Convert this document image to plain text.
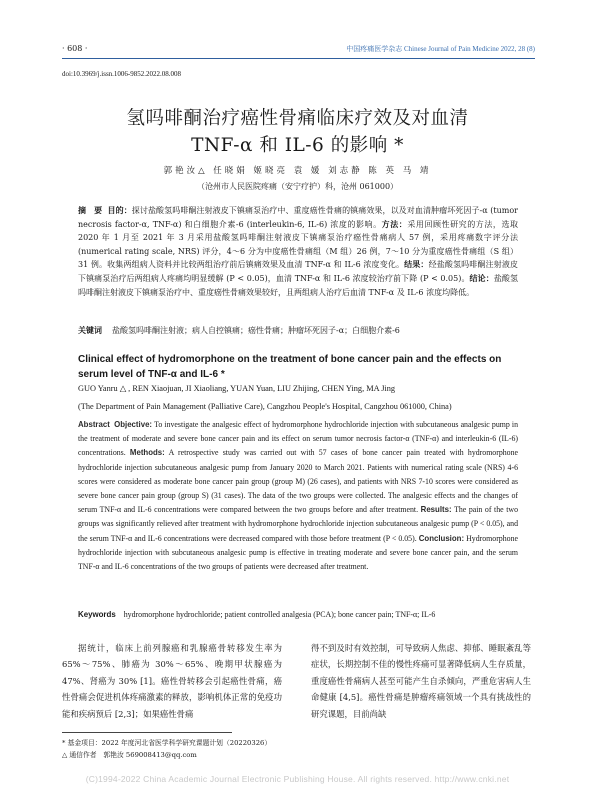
· 608 ·	中国疼痛医学杂志 Chinese Journal of Pain Medicine 2022, 28 (8)
doi:10.3969/j.issn.1006-9852.2022.08.008
氢吗啡酮治疗癌性骨痛临床疗效及对血清
TNF-α 和 IL-6 的影响 *
郭艳汝△ 任晓娟 姬晓亮 袁 媛 刘志静 陈 英 马 靖
（沧州市人民医院疼痛（安宁疗护）科，沧州 061000）
摘　要 目的：探讨盐酸氢吗啡酮注射液皮下镇痛泵治疗中、重度癌性骨痛的镇痛效果，以及对血清肿瘤坏死因子-α (tumor necrosis factor-α, TNF-α) 和白细胞介素-6 (interleukin-6, IL-6) 浓度的影响。方法：采用回顾性研究的方法，选取 2020 年 1 月至 2021 年 3 月采用盐酸氢吗啡酮注射液皮下镇痛泵治疗癌性骨痛病人 57 例，采用疼痛数字评分法 (numerical rating scale, NRS) 评分，4～6 分为中度癌性骨痛组（M 组）26 例，7～10 分为重度癌性骨痛组（S 组）31 例。收集两组病人资料并比较两组治疗前后镇痛效果及血清 TNF-α 和 IL-6 浓度变化。结果：经盐酸氢吗啡酮注射液皮下镇痛泵治疗后两组病人疼痛均明显缓解 (P < 0.05)，血清 TNF-α 和 IL-6 浓度较治疗前下降 (P < 0.05)。结论：盐酸氢吗啡酮注射液皮下镇痛泵治疗中、重度癌性骨痛效果较好，且两组病人治疗后血清 TNF-α 及 IL-6 浓度均降低。
关键词 盐酸氢吗啡酮注射液；病人自控镇痛；癌性骨痛；肿瘤坏死因子-α；白细胞介素-6
Clinical effect of hydromorphone on the treatment of bone cancer pain and the effects on serum level of TNF-α and IL-6 *
GUO Yanru △ , REN Xiaojuan, JI Xiaoliang, YUAN Yuan, LIU Zhijing, CHEN Ying, MA Jing
(The Department of Pain Management (Palliative Care), Cangzhou People's Hospital, Cangzhou 061000, China)
Abstract Objective: To investigate the analgesic effect of hydromorphone hydrochloride injection with subcutaneous analgesic pump in the treatment of moderate and severe bone cancer pain and its effect on serum tumor necrosis factor-α (TNF-α) and interleukin-6 (IL-6) concentrations. Methods: A retrospective study was carried out with 57 cases of bone cancer pain treated with hydromorphone hydrochloride injection subcutaneous analgesic pump from January 2020 to March 2021. Patients with numerical rating scale (NRS) 4-6 scores were considered as moderate bone cancer pain group (group M) (26 cases), and patients with NRS 7-10 scores were considered as severe bone cancer pain group (group S) (31 cases). The data of the two groups were collected. The analgesic effects and the changes of serum TNF-α and IL-6 concentrations were compared between the two groups before and after treatment. Results: The pain of the two groups was significantly relieved after treatment with hydromorphone hydrochloride injection subcutaneous analgesic pump (P < 0.05), and the serum TNF-α and IL-6 concentrations were decreased compared with those before treatment (P < 0.05). Conclusion: Hydromorphone hydrochloride injection with subcutaneous analgesic pump is effective in treating moderate and severe bone cancer pain, and the serum TNF-α and IL-6 concentrations of the two groups of patients were decreased after treatment.
Keywords hydromorphone hydrochloride; patient controlled analgesia (PCA); bone cancer pain; TNF-α; IL-6
据统计，临床上前列腺癌和乳腺癌骨转移发生率为 65%～75%、肺癌为 30%～65%、晚期甲状腺癌为 47%、肾癌为 30% [1]。癌性骨转移会引起癌性骨痛，癌性骨痛会促进机体疼痛激素的释放，影响机体正常的免疫功能和疾病预后 [2,3]；如果癌性骨痛
得不到及时有效控制，可导致病人焦虑、抑郁、睡眠紊乱等症状，长期控制不佳的慢性疼痛可显著降低病人生存质量，重度癌性骨痛病人甚至可能产生自杀倾向，严重危害病人生命健康 [4,5]。癌性骨痛是肿瘤疼痛领域一个具有挑战性的研究课题，目前尚缺
* 基金项目：2022 年度河北省医学科学研究课题计划（20220326）
△ 通信作者　郭艳汝 569008413@qq.com
(C)1994-2022 China Academic Journal Electronic Publishing House. All rights reserved. http://www.cnki.net
